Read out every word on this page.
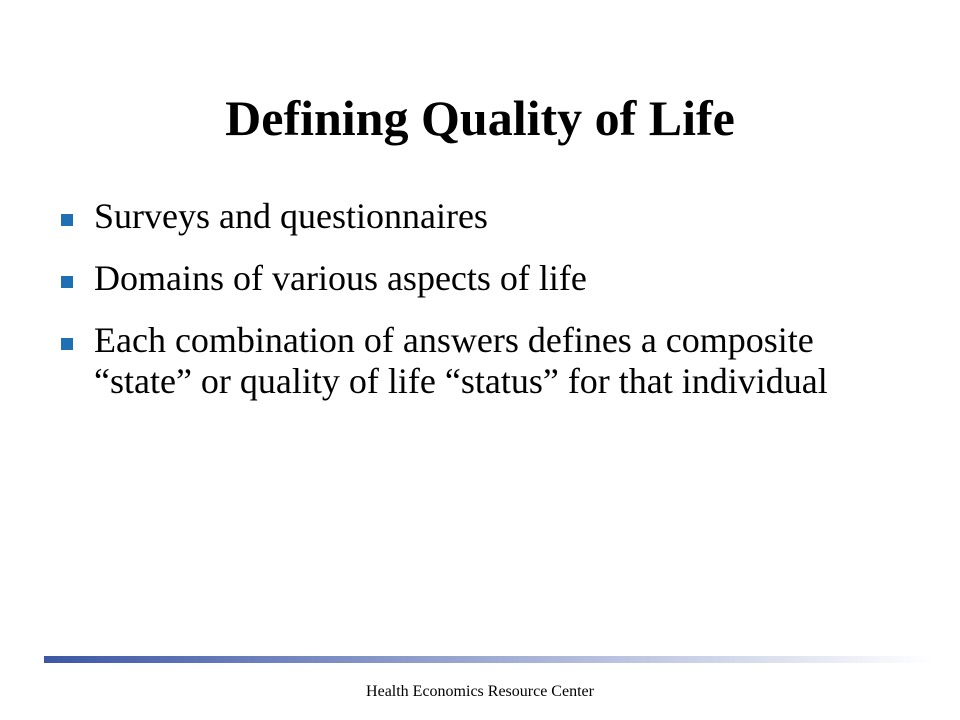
Defining Quality of Life
Surveys and questionnaires
Domains of various aspects of life
Each combination of answers defines a composite “state” or quality of life “status” for that individual
Health Economics Resource Center
